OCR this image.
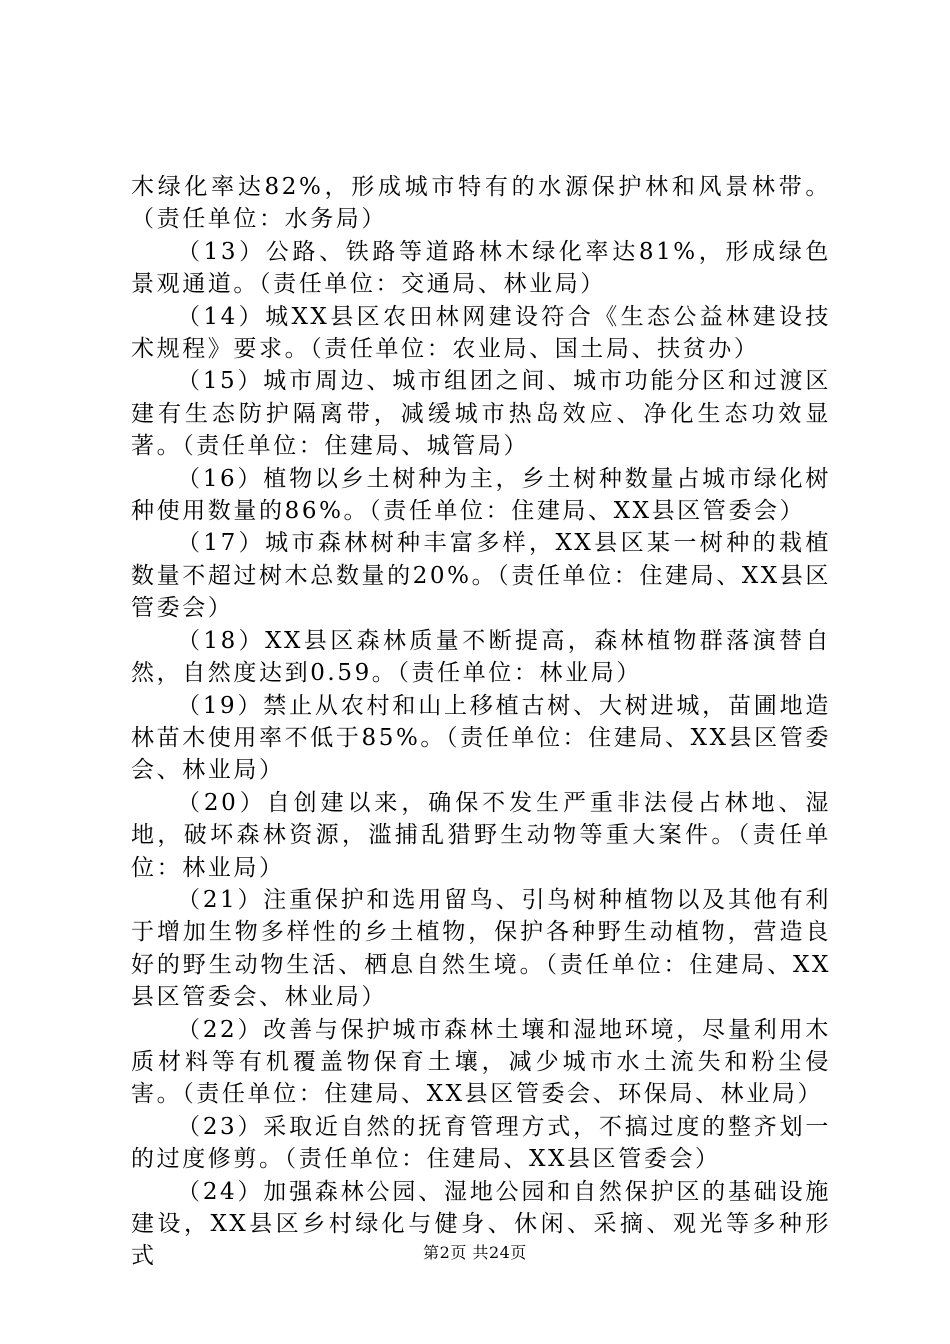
木绿化率达82%，形成城市特有的水源保护林和风景林带。（责任单位：水务局）

（13）公路、铁路等道路林木绿化率达81%，形成绿色景观通道。（责任单位：交通局、林业局）

（14）城XX县区农田林网建设符合《生态公益林建设技术规程》要求。（责任单位：农业局、国土局、扶贫办）

（15）城市周边、城市组团之间、城市功能分区和过渡区建有生态防护隔离带，减缓城市热岛效应、净化生态功效显著。（责任单位：住建局、城管局）

（16）植物以乡土树种为主，乡土树种数量占城市绿化树种使用数量的86%。（责任单位：住建局、XX县区管委会）

（17）城市森林树种丰富多样，XX县区某一树种的栽植数量不超过树木总数量的20%。（责任单位：住建局、XX县区管委会）

（18）XX县区森林质量不断提高，森林植物群落演替自然，自然度达到0.59。（责任单位：林业局）

（19）禁止从农村和山上移植古树、大树进城，苗圃地造林苗木使用率不低于85%。（责任单位：住建局、XX县区管委会、林业局）

（20）自创建以来，确保不发生严重非法侵占林地、湿地，破坏森林资源，滥捕乱猎野生动物等重大案件。（责任单位：林业局）

（21）注重保护和选用留鸟、引鸟树种植物以及其他有利于增加生物多样性的乡土植物，保护各种野生动植物，营造良好的野生动物生活、栖息自然生境。（责任单位：住建局、XX县区管委会、林业局）

（22）改善与保护城市森林土壤和湿地环境，尽量利用木质材料等有机覆盖物保育土壤，减少城市水土流失和粉尘侵害。（责任单位：住建局、XX县区管委会、环保局、林业局）

（23）采取近自然的抚育管理方式，不搞过度的整齐划一的过度修剪。（责任单位：住建局、XX县区管委会）

（24）加强森林公园、湿地公园和自然保护区的基础设施建设，XX县区乡村绿化与健身、休闲、采摘、观光等多种形式	第2页 共24页
